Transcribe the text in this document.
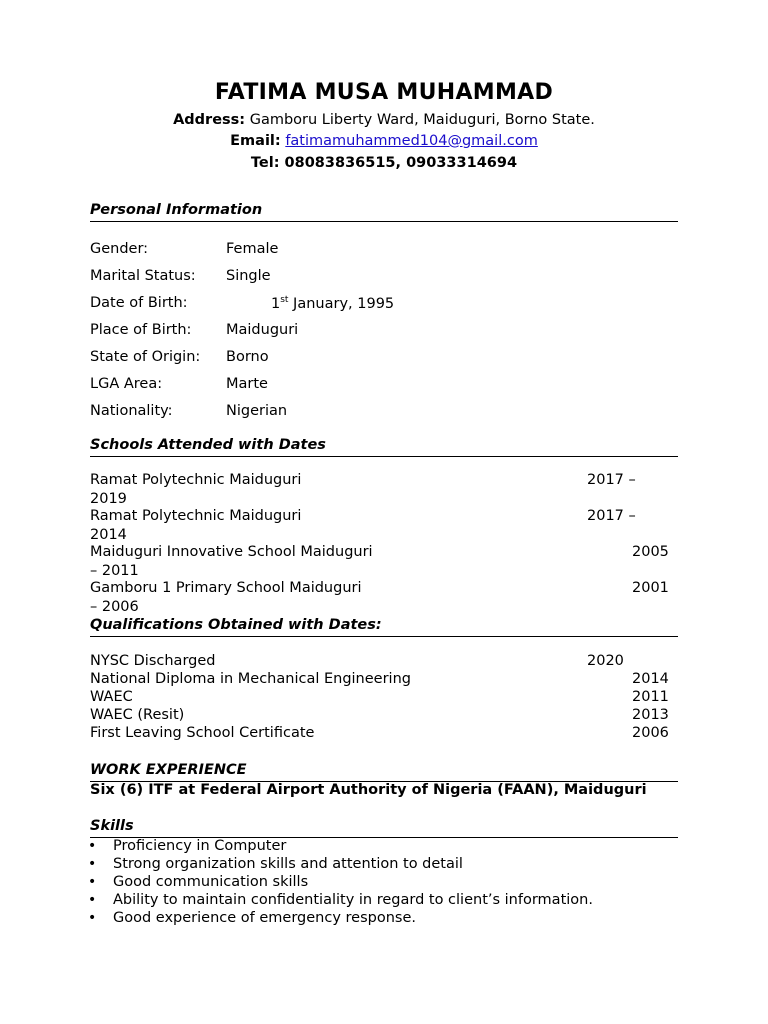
FATIMA MUSA MUHAMMAD
Address: Gamboru Liberty Ward, Maiduguri, Borno State.
Email: fatimamuhammed104@gmail.com
Tel: 08083836515, 09033314694
Personal Information
Gender:	Female
Marital Status: Single
Date of Birth:	1st January, 1995
Place of Birth: Maiduguri
State of Origin: Borno
LGA Area:	Marte
Nationality:	Nigerian
Schools Attended with Dates
Ramat Polytechnic Maiduguri	2017 –
2019
Ramat Polytechnic Maiduguri	2017 –
2014
Maiduguri Innovative School Maiduguri	2005
– 2011
Gamboru 1 Primary School Maiduguri	2001
– 2006
Qualifications Obtained with Dates:
NYSC Discharged	2020
National Diploma in Mechanical Engineering	2014
WAEC	2011
WAEC (Resit)	2013
First Leaving School Certificate	2006
WORK EXPERIENCE
Six (6) ITF at Federal Airport Authority of Nigeria (FAAN), Maiduguri
Skills
• Proficiency in Computer
• Strong organization skills and attention to detail
• Good communication skills
• Ability to maintain confidentiality in regard to client’s information.
• Good experience of emergency response.
